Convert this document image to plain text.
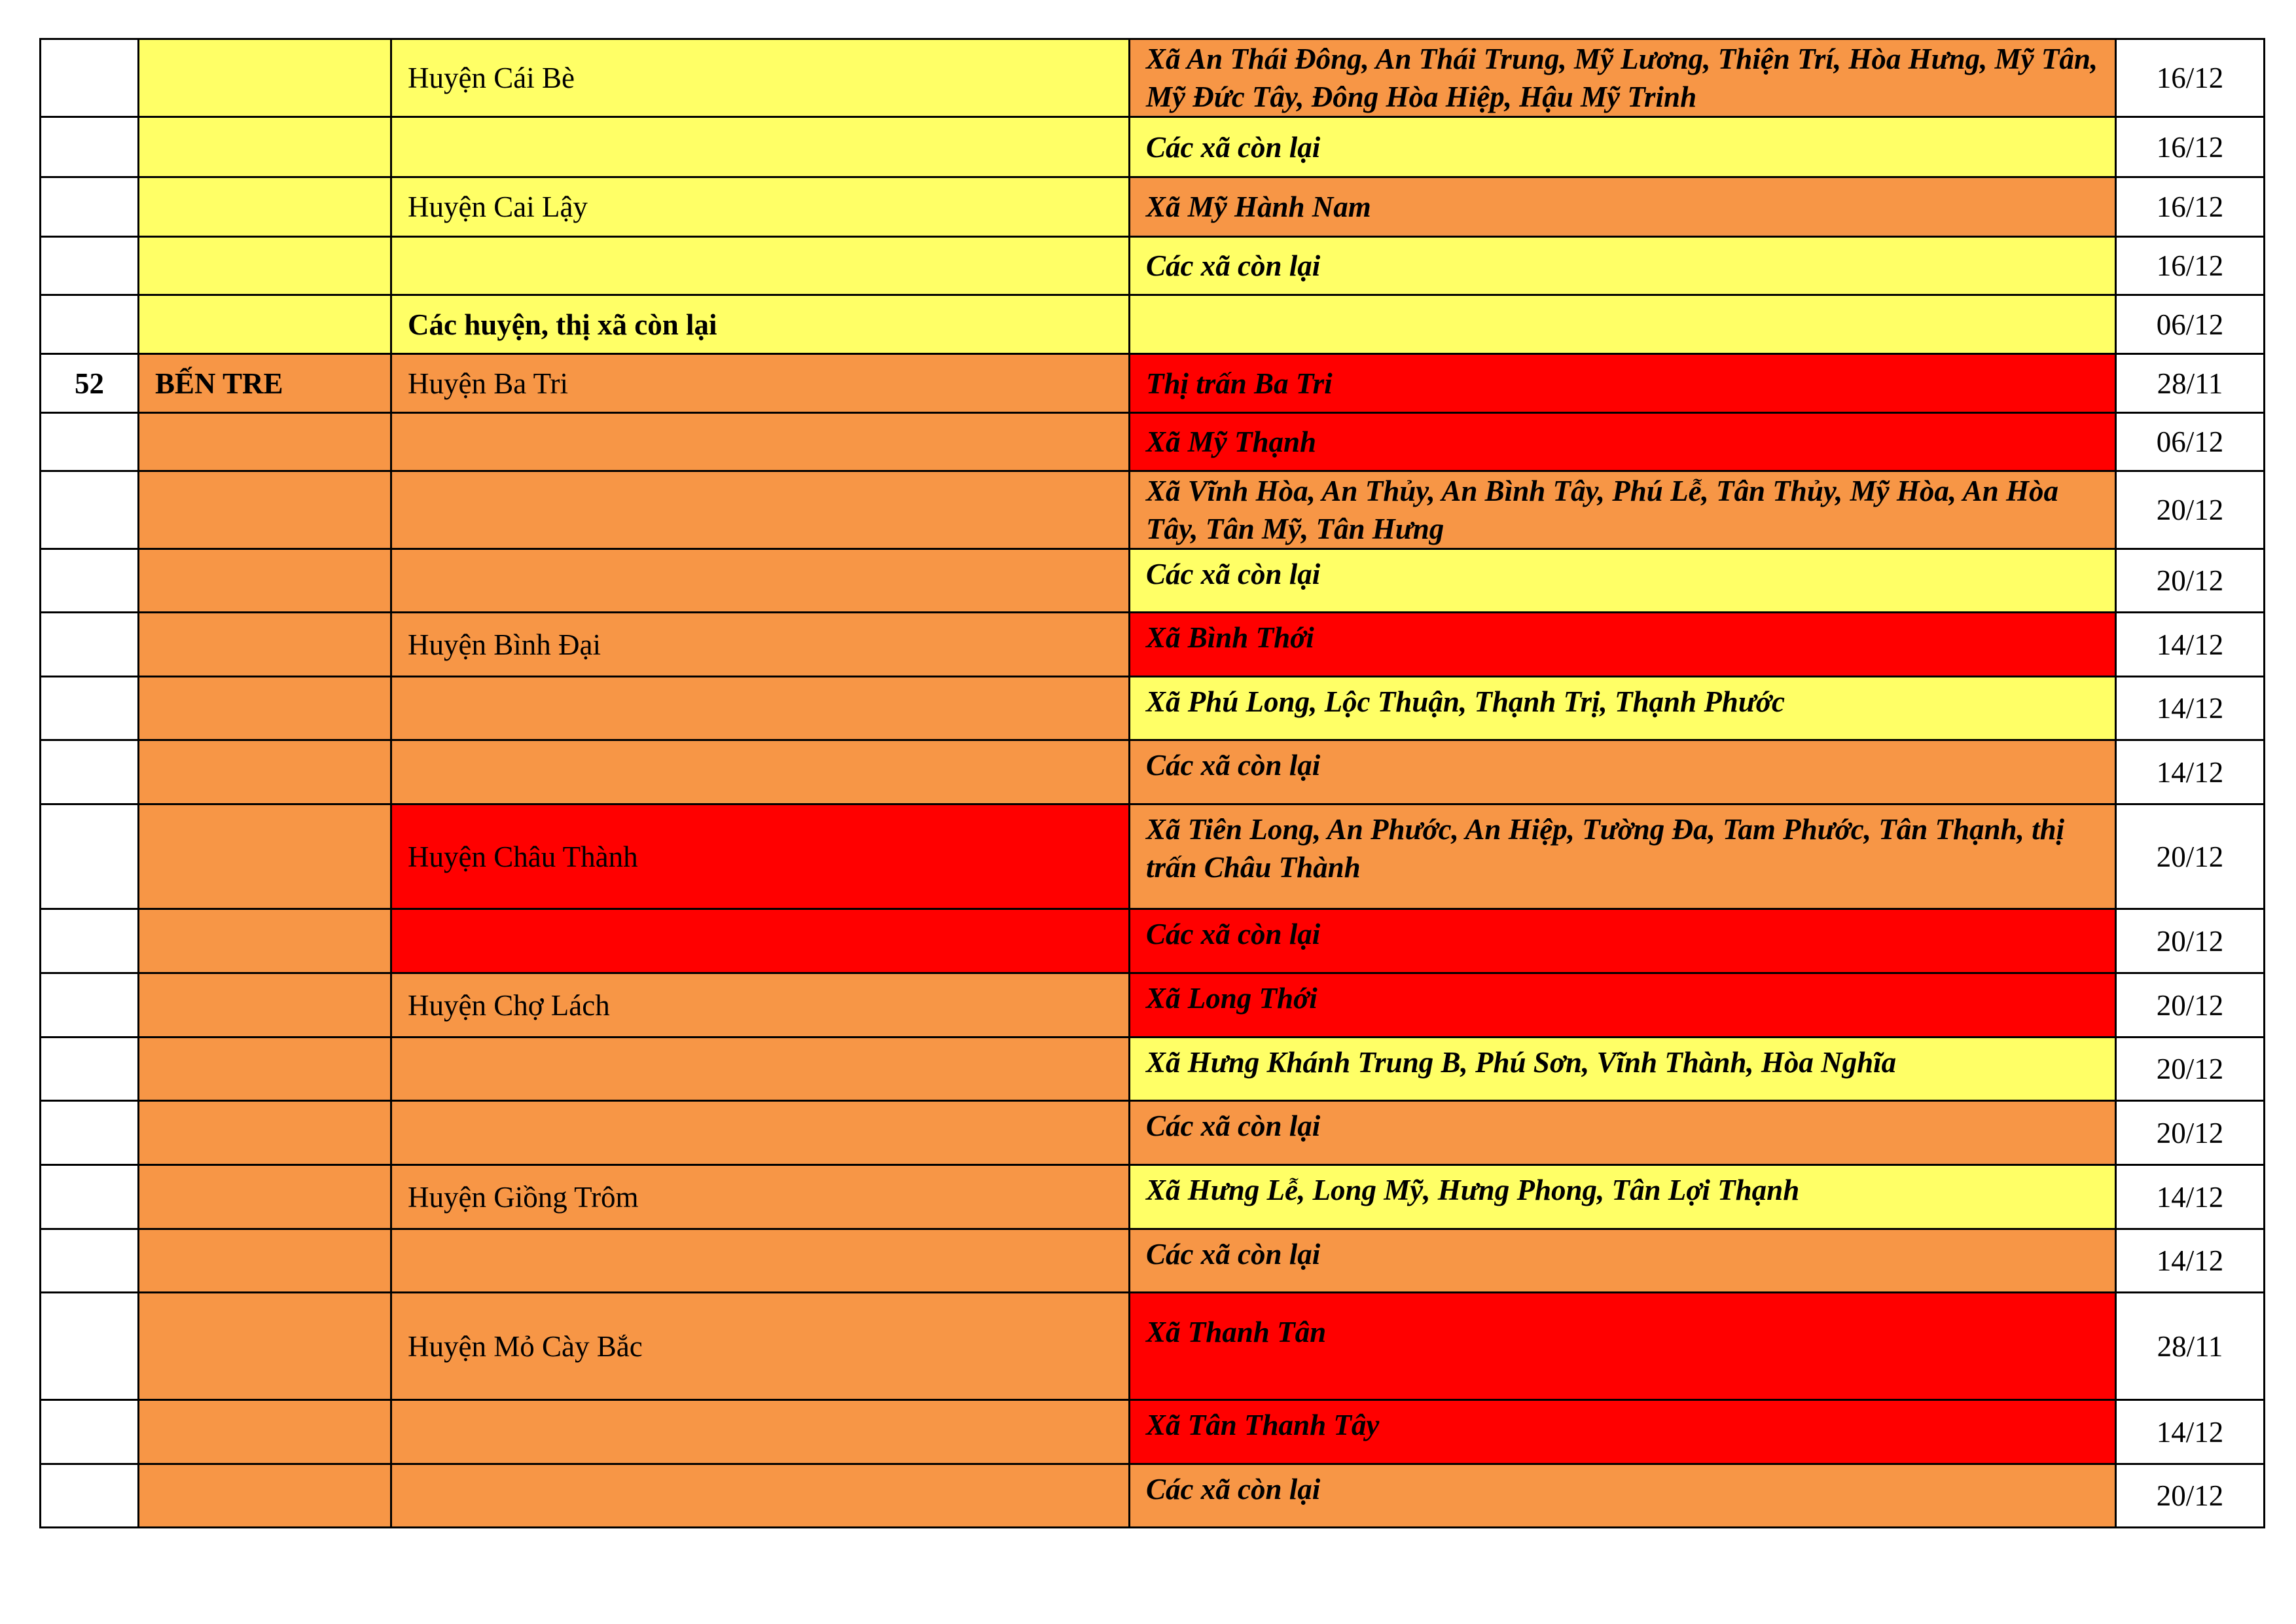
		Huyện Cái Bè	Xã An Thái Đông, An Thái Trung, Mỹ Lương, Thiện Trí, Hòa Hưng, Mỹ Tân, Mỹ Đức Tây, Đông Hòa Hiệp, Hậu Mỹ Trinh	16/12
			Các xã còn lại	16/12
		Huyện Cai Lậy	Xã Mỹ Hành Nam	16/12
			Các xã còn lại	16/12
		Các huyện, thị xã còn lại		06/12
52	BẾN TRE	Huyện Ba Tri	Thị trấn Ba Tri	28/11
			Xã Mỹ Thạnh	06/12
			Xã Vĩnh Hòa, An Thủy, An Bình Tây, Phú Lễ, Tân Thủy, Mỹ Hòa, An Hòa Tây, Tân Mỹ, Tân Hưng	20/12
			Các xã còn lại	20/12
		Huyện Bình Đại	Xã Bình Thới	14/12
			Xã Phú Long, Lộc Thuận, Thạnh Trị, Thạnh Phước	14/12
			Các xã còn lại	14/12
		Huyện Châu Thành	Xã Tiên Long, An Phước, An Hiệp, Tường Đa, Tam Phước, Tân Thạnh, thị trấn Châu Thành	20/12
			Các xã còn lại	20/12
		Huyện Chợ Lách	Xã Long Thới	20/12
			Xã Hưng Khánh Trung B, Phú Sơn, Vĩnh Thành, Hòa Nghĩa	20/12
			Các xã còn lại	20/12
		Huyện Giồng Trôm	Xã Hưng Lễ, Long Mỹ, Hưng Phong, Tân Lợi Thạnh	14/12
			Các xã còn lại	14/12
		Huyện Mỏ Cày Bắc	Xã Thanh Tân	28/11
			Xã Tân Thanh Tây	14/12
			Các xã còn lại	20/12
